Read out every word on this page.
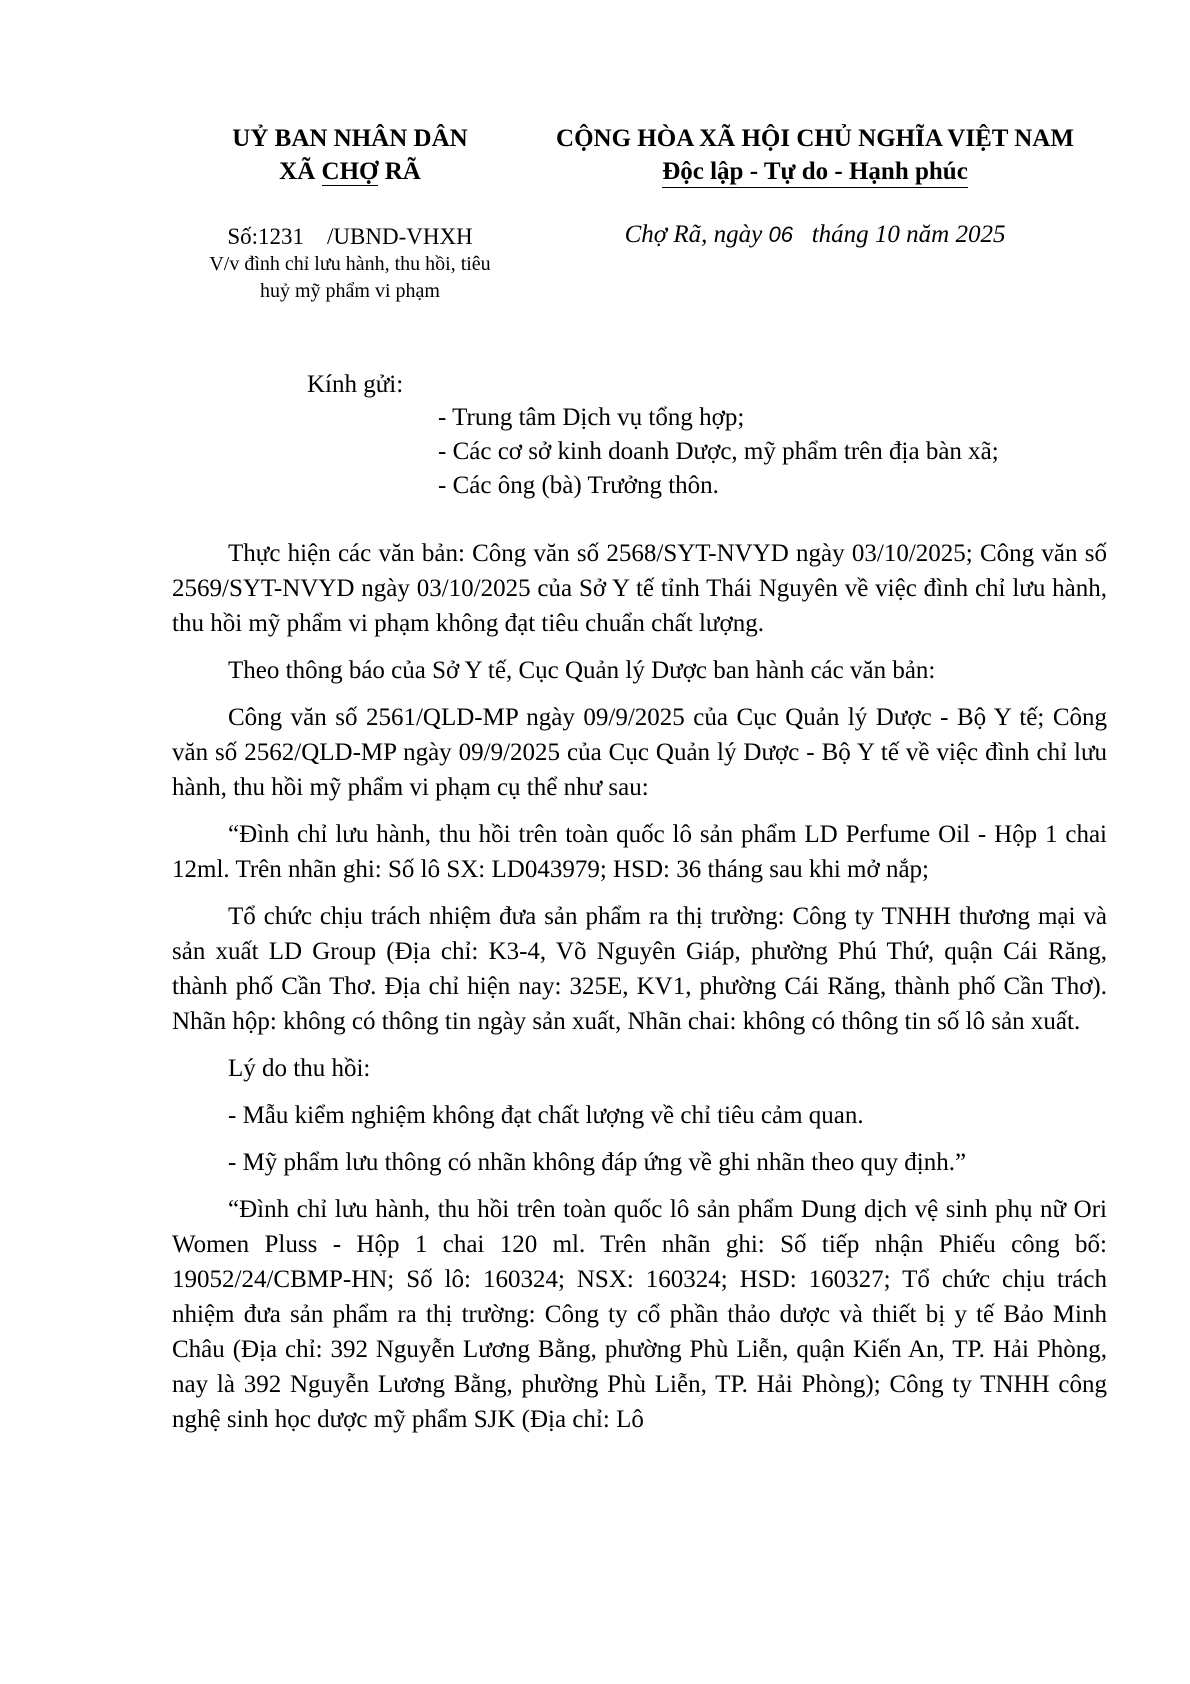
UỶ BAN NHÂN DÂN
XÃ CHỢ RÃ
CỘNG HÒA XÃ HỘI CHỦ NGHĨA VIỆT NAM
Độc lập - Tự do - Hạnh phúc
Số:1231    /UBND-VHXH
V/v đình chỉ lưu hành, thu hồi, tiêu
huỷ mỹ phẩm vi phạm
Chợ Rã, ngày 06   tháng 10 năm 2025
Kính gửi:
- Trung tâm Dịch vụ tổng hợp;
- Các cơ sở kinh doanh Dược, mỹ phẩm trên địa bàn xã;
- Các ông (bà) Trưởng thôn.

Thực hiện các văn bản: Công văn số 2568/SYT-NVYD ngày 03/10/2025; Công văn số 2569/SYT-NVYD ngày 03/10/2025 của Sở Y tế tỉnh Thái Nguyên về việc đình chỉ lưu hành, thu hồi mỹ phẩm vi phạm không đạt tiêu chuẩn chất lượng.

Theo thông báo của Sở Y tế, Cục Quản lý Dược ban hành các văn bản:

Công văn số 2561/QLD-MP ngày 09/9/2025 của Cục Quản lý Dược - Bộ Y tế; Công văn số 2562/QLD-MP ngày 09/9/2025 của Cục Quản lý Dược - Bộ Y tế về việc đình chỉ lưu hành, thu hồi mỹ phẩm vi phạm cụ thể như sau:

“Đình chỉ lưu hành, thu hồi trên toàn quốc lô sản phẩm LD Perfume Oil - Hộp 1 chai 12ml. Trên nhãn ghi: Số lô SX: LD043979; HSD: 36 tháng sau khi mở nắp;

Tổ chức chịu trách nhiệm đưa sản phẩm ra thị trường: Công ty TNHH thương mại và sản xuất LD Group (Địa chỉ: K3-4, Võ Nguyên Giáp, phường Phú Thứ, quận Cái Răng, thành phố Cần Thơ. Địa chỉ hiện nay: 325E, KV1, phường Cái Răng, thành phố Cần Thơ). Nhãn hộp: không có thông tin ngày sản xuất, Nhãn chai: không có thông tin số lô sản xuất.

Lý do thu hồi:

- Mẫu kiểm nghiệm không đạt chất lượng về chỉ tiêu cảm quan.

- Mỹ phẩm lưu thông có nhãn không đáp ứng về ghi nhãn theo quy định.”

“Đình chỉ lưu hành, thu hồi trên toàn quốc lô sản phẩm Dung dịch vệ sinh phụ nữ Ori Women Pluss - Hộp 1 chai 120 ml. Trên nhãn ghi: Số tiếp nhận Phiếu công bố: 19052/24/CBMP-HN; Số lô: 160324; NSX: 160324; HSD: 160327; Tổ chức chịu trách nhiệm đưa sản phẩm ra thị trường: Công ty cổ phần thảo dược và thiết bị y tế Bảo Minh Châu (Địa chỉ: 392 Nguyễn Lương Bằng, phường Phù Liễn, quận Kiến An, TP. Hải Phòng, nay là 392 Nguyễn Lương Bằng, phường Phù Liễn, TP. Hải Phòng); Công ty TNHH công nghệ sinh học dược mỹ phẩm SJK (Địa chỉ: Lô
